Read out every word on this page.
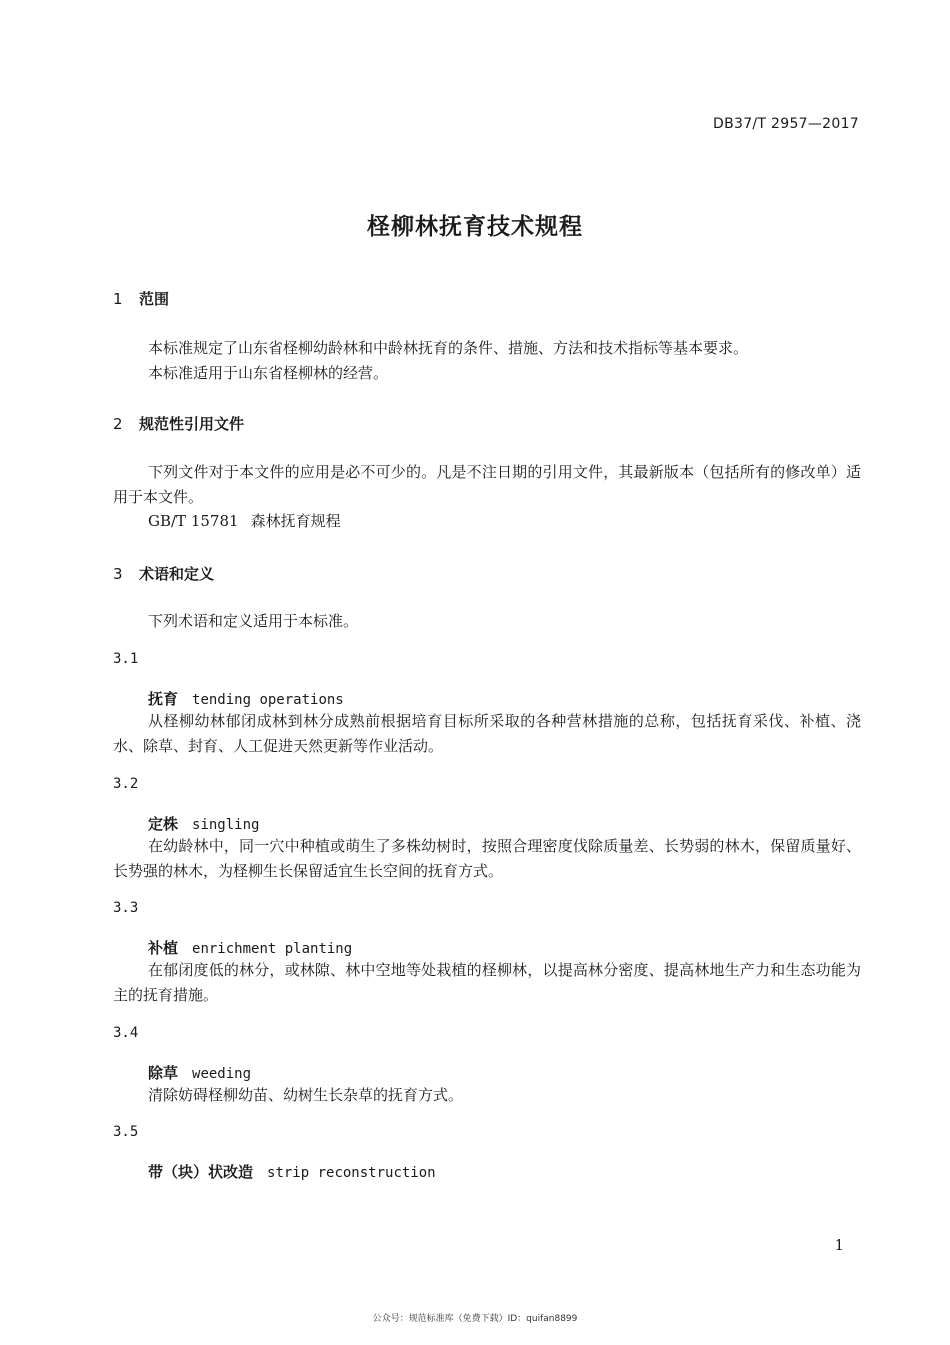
DB37/T 2957—2017
柽柳林抚育技术规程
1 范围

本标准规定了山东省柽柳幼龄林和中龄林抚育的条件、措施、方法和技术指标等基本要求。

本标准适用于山东省柽柳林的经营。

2 规范性引用文件

下列文件对于本文件的应用是必不可少的。凡是不注日期的引用文件，其最新版本（包括所有的修改单）适用于本文件。

GB/T 15781 森林抚育规程
3 术语和定义

下列术语和定义适用于本标准。

3.1
抚育 tending operations

从柽柳幼林郁闭成林到林分成熟前根据培育目标所采取的各种营林措施的总称，包括抚育采伐、补植、浇水、除草、封育、人工促进天然更新等作业活动。

3.2
定株 singling

在幼龄林中，同一穴中种植或萌生了多株幼树时，按照合理密度伐除质量差、长势弱的林木，保留质量好、长势强的林木，为柽柳生长保留适宜生长空间的抚育方式。

3.3
补植 enrichment planting

在郁闭度低的林分，或林隙、林中空地等处栽植的柽柳林，以提高林分密度、提高林地生产力和生态功能为主的抚育措施。

3.4
除草 weeding

清除妨碍柽柳幼苗、幼树生长杂草的抚育方式。

3.5
带（块）状改造 strip reconstruction
1
公众号：规范标准库（免费下载）ID：quifan8899
